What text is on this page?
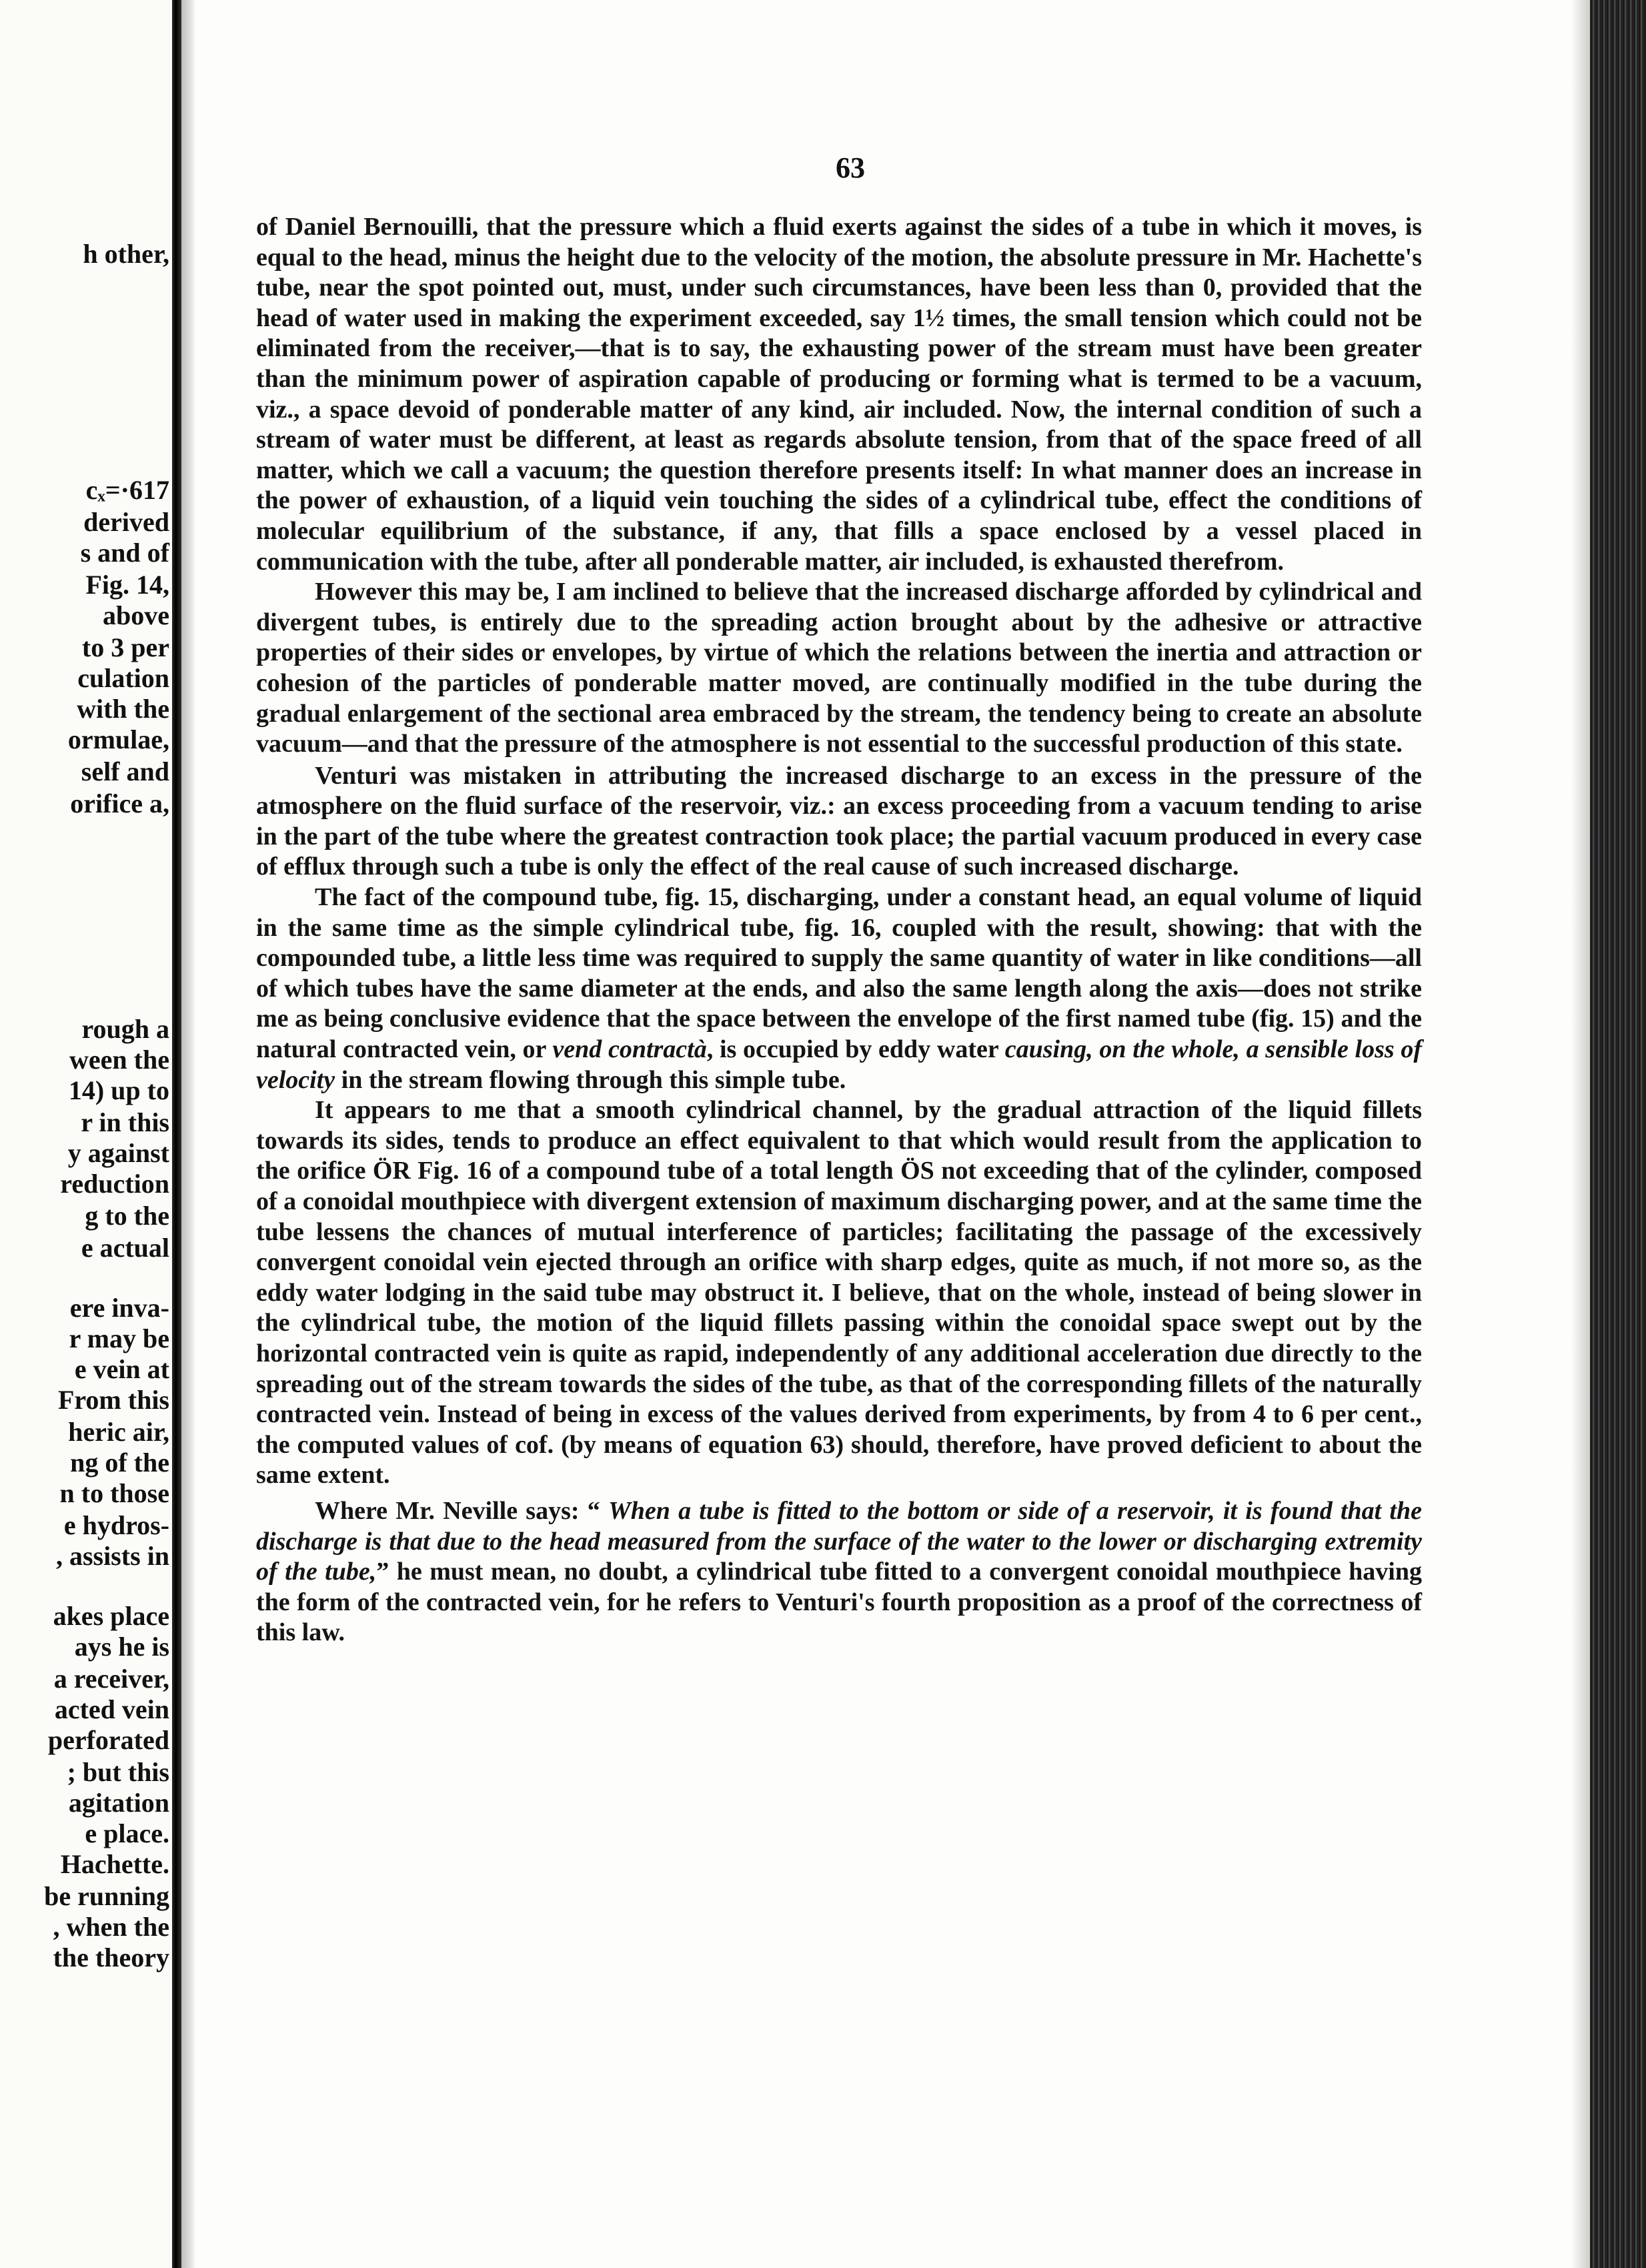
h other,
cₓ=·617
derived
s and of
Fig. 14,
above
to 3 per
culation
with the
ormulae,
self and
orifice a,
rough a
ween the
14) up to
r in this
y against
reduction
g to the
e actual
ere inva-
r may be
e vein at
From this
heric air,
ng of the
n to those
e hydros-
, assists in
akes place
ays he is
a receiver,
acted vein
perforated
; but this
agitation
e place.
Hachette.
be running
, when the
the theory
63

of Daniel Bernouilli, that the pressure which a fluid exerts against the sides of a tube in which it moves, is equal to the head, minus the height due to the velocity of the motion, the absolute pressure in Mr. Hachette's tube, near the spot pointed out, must, under such circumstances, have been less than 0, provided that the head of water used in making the experiment exceeded, say 1½ times, the small tension which could not be eliminated from the receiver,—that is to say, the exhausting power of the stream must have been greater than the minimum power of aspiration capable of producing or forming what is termed to be a vacuum, viz., a space devoid of ponderable matter of any kind, air included. Now, the internal condition of such a stream of water must be different, at least as regards absolute tension, from that of the space freed of all matter, which we call a vacuum; the question therefore presents itself: In what manner does an increase in the power of exhaustion, of a liquid vein touching the sides of a cylindrical tube, effect the conditions of molecular equilibrium of the substance, if any, that fills a space enclosed by a vessel placed in communication with the tube, after all ponderable matter, air included, is exhausted therefrom.

However this may be, I am inclined to believe that the increased discharge afforded by cylindrical and divergent tubes, is entirely due to the spreading action brought about by the adhesive or attractive properties of their sides or envelopes, by virtue of which the relations between the inertia and attraction or cohesion of the particles of ponderable matter moved, are continually modified in the tube during the gradual enlargement of the sectional area embraced by the stream, the tendency being to create an absolute vacuum—and that the pressure of the atmosphere is not essential to the successful production of this state.

Venturi was mistaken in attributing the increased discharge to an excess in the pressure of the atmosphere on the fluid surface of the reservoir, viz.: an excess proceeding from a vacuum tending to arise in the part of the tube where the greatest contraction took place; the partial vacuum produced in every case of efflux through such a tube is only the effect of the real cause of such increased discharge.

The fact of the compound tube, fig. 15, discharging, under a constant head, an equal volume of liquid in the same time as the simple cylindrical tube, fig. 16, coupled with the result, showing: that with the compounded tube, a little less time was required to supply the same quantity of water in like conditions—all of which tubes have the same diameter at the ends, and also the same length along the axis—does not strike me as being conclusive evidence that the space between the envelope of the first named tube (fig. 15) and the natural contracted vein, or vend contractà, is occupied by eddy water causing, on the whole, a sensible loss of velocity in the stream flowing through this simple tube.

It appears to me that a smooth cylindrical channel, by the gradual attraction of the liquid fillets towards its sides, tends to produce an effect equivalent to that which would result from the application to the orifice ÖR Fig. 16 of a compound tube of a total length ÖS not exceeding that of the cylinder, composed of a conoidal mouthpiece with divergent extension of maximum discharging power, and at the same time the tube lessens the chances of mutual interference of particles; facilitating the passage of the excessively convergent conoidal vein ejected through an orifice with sharp edges, quite as much, if not more so, as the eddy water lodging in the said tube may obstruct it. I believe, that on the whole, instead of being slower in the cylindrical tube, the motion of the liquid fillets passing within the conoidal space swept out by the horizontal contracted vein is quite as rapid, independently of any additional acceleration due directly to the spreading out of the stream towards the sides of the tube, as that of the corresponding fillets of the naturally contracted vein. Instead of being in excess of the values derived from experiments, by from 4 to 6 per cent., the computed values of cof. (by means of equation 63) should, therefore, have proved deficient to about the same extent.

Where Mr. Neville says: “ When a tube is fitted to the bottom or side of a reservoir, it is found that the discharge is that due to the head measured from the surface of the water to the lower or discharging extremity of the tube,” he must mean, no doubt, a cylindrical tube fitted to a convergent conoidal mouthpiece having the form of the contracted vein, for he refers to Venturi's fourth proposition as a proof of the correctness of this law.
